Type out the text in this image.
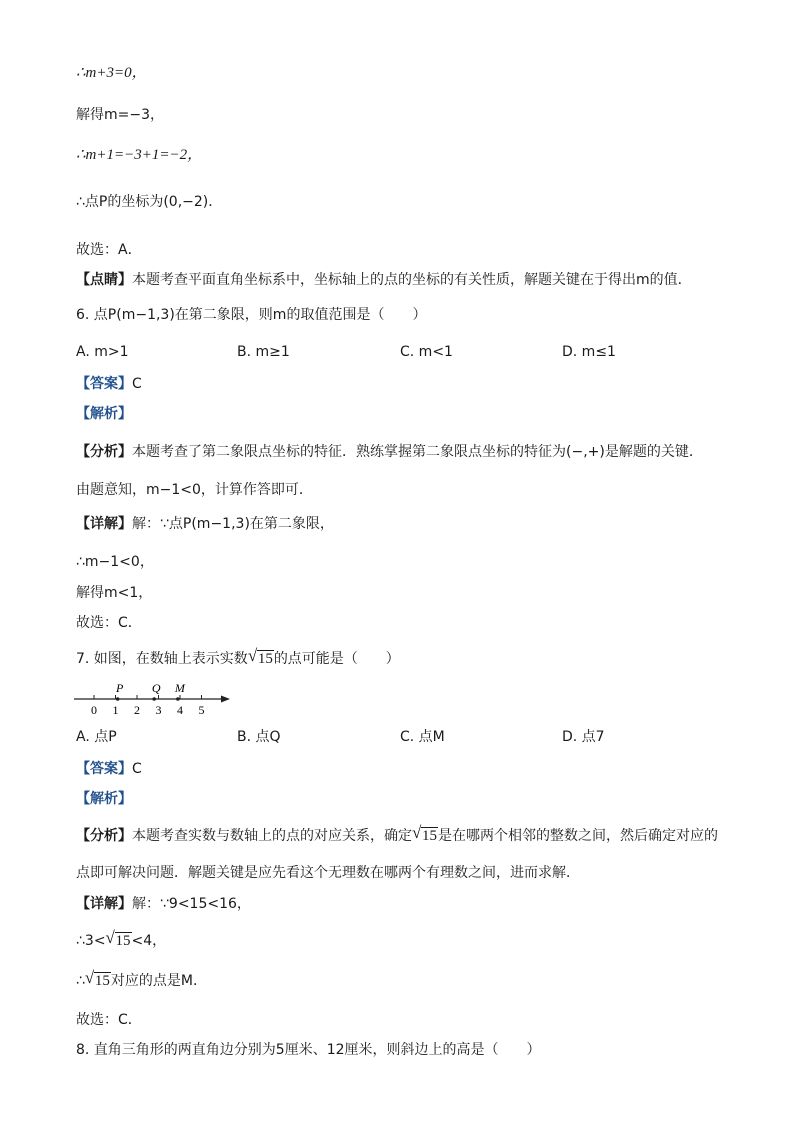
∴m+3=0，
解得m=−3，
∴m+1=−3+1=−2，
∴点P的坐标为(0,−2)．
故选：A．
【点睛】本题考查平面直角坐标系中，坐标轴上的点的坐标的有关性质，解题关键在于得出m的值．
6. 点P(m−1,3)在第二象限，则m的取值范围是（　　）
A. m>1	B. m≥1	C. m<1	D. m≤1
【答案】C
【解析】
【分析】本题考查了第二象限点坐标的特征．熟练掌握第二象限点坐标的特征为(−,+)是解题的关键．
由题意知，m−1<0，计算作答即可．
【详解】解：∵点P(m−1,3)在第二象限，
∴m−1<0，
解得m<1，
故选：C．
7. 如图，在数轴上表示实数 √ 15的点可能是（　　）
0 1 2 3 4 5
P Q M
A. 点P	B. 点Q	C. 点M	D. 点7
【答案】C
【解析】
【分析】本题考查实数与数轴上的点的对应关系，确定 √ 15是在哪两个相邻的整数之间，然后确定对应的
点即可解决问题．解题关键是应先看这个无理数在哪两个有理数之间，进而求解．
【详解】解：∵9<15<16，
∴3< √ 15<4，
∴ √ 15对应的点是M．
故选：C．
8. 直角三角形的两直角边分别为5厘米、12厘米，则斜边上的高是（　　）
